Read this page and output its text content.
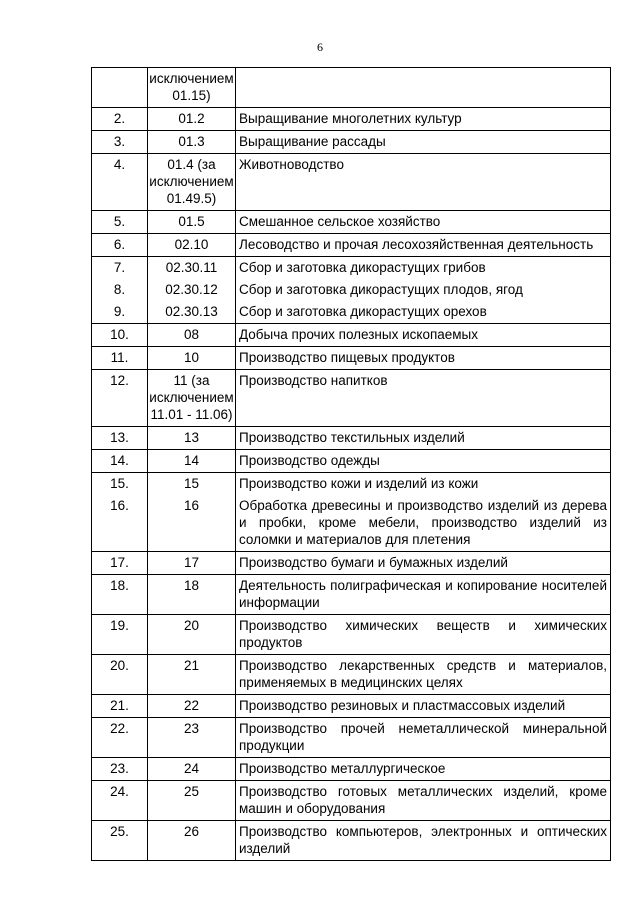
6
	исключением 01.15)	
2.	01.2	Выращивание многолетних культур
3.	01.3	Выращивание рассады
4.	01.4 (за исключением 01.49.5)	Животноводство
5.	01.5	Смешанное сельское хозяйство
6.	02.10	Лесоводство и прочая лесохозяйственная деятельность
7.	02.30.11	Сбор и заготовка дикорастущих грибов
8.	02.30.12	Сбор и заготовка дикорастущих плодов, ягод
9.	02.30.13	Сбор и заготовка дикорастущих орехов
10.	08	Добыча прочих полезных ископаемых
11.	10	Производство пищевых продуктов
12.	11 (за исключением 11.01 - 11.06)	Производство напитков
13.	13	Производство текстильных изделий
14.	14	Производство одежды
15.	15	Производство кожи и изделий из кожи
16.	16	Обработка древесины и производство изделий из дерева и пробки, кроме мебели, производство изделий из соломки и материалов для плетения
17.	17	Производство бумаги и бумажных изделий
18.	18	Деятельность полиграфическая и копирование носителей информации
19.	20	Производство химических веществ и химических продуктов
20.	21	Производство лекарственных средств и материалов, применяемых в медицинских целях
21.	22	Производство резиновых и пластмассовых изделий
22.	23	Производство прочей неметаллической минеральной продукции
23.	24	Производство металлургическое
24.	25	Производство готовых металлических изделий, кроме машин и оборудования
25.	26	Производство компьютеров, электронных и оптических изделий
